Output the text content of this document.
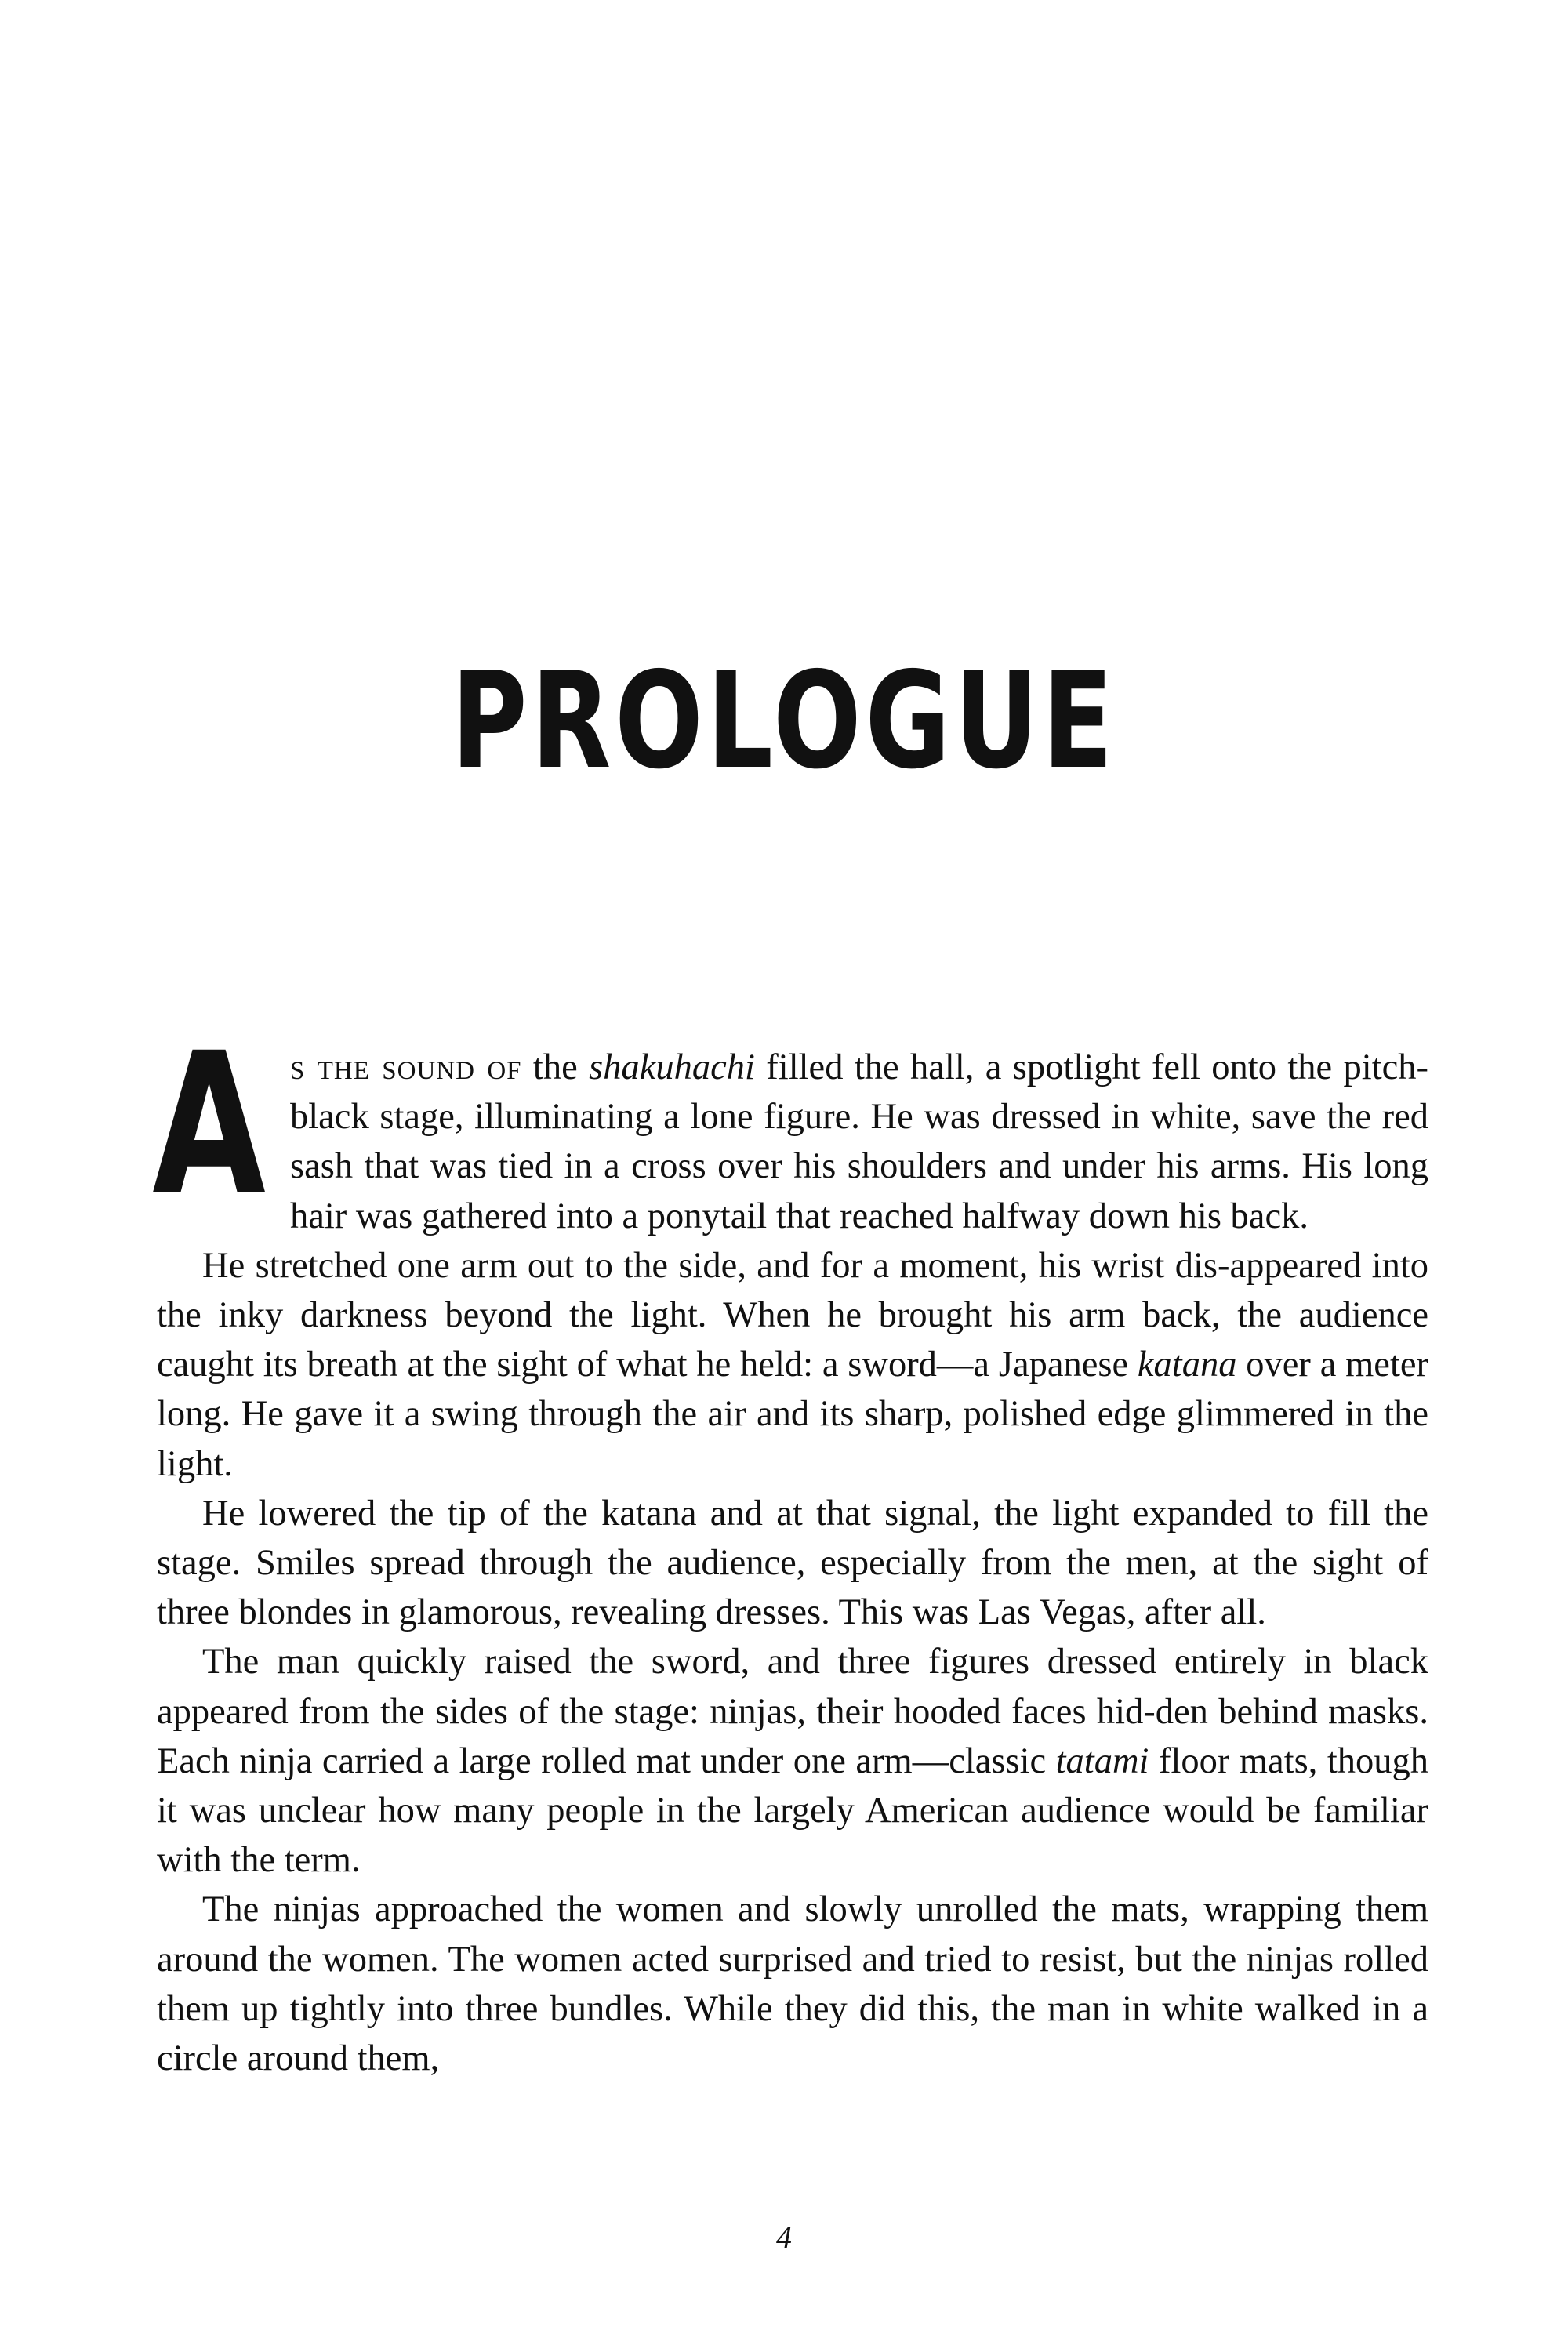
PROLOGUE

As the sound of the shakuhachi filled the hall, a spotlight fell onto the pitch-black stage, illuminating a lone figure. He was dressed in white, save the red sash that was tied in a cross over his shoulders and under his arms. His long hair was gathered into a ponytail that reached halfway down his back.

He stretched one arm out to the side, and for a moment, his wrist dis-appeared into the inky darkness beyond the light. When he brought his arm back, the audience caught its breath at the sight of what he held: a sword—a Japanese katana over a meter long. He gave it a swing through the air and its sharp, polished edge glimmered in the light.

He lowered the tip of the katana and at that signal, the light expanded to fill the stage. Smiles spread through the audience, especially from the men, at the sight of three blondes in glamorous, revealing dresses. This was Las Vegas, after all.

The man quickly raised the sword, and three figures dressed entirely in black appeared from the sides of the stage: ninjas, their hooded faces hid-den behind masks. Each ninja carried a large rolled mat under one arm—classic tatami floor mats, though it was unclear how many people in the largely American audience would be familiar with the term.

The ninjas approached the women and slowly unrolled the mats, wrapping them around the women. The women acted surprised and tried to resist, but the ninjas rolled them up tightly into three bundles. While they did this, the man in white walked in a circle around them,

4
